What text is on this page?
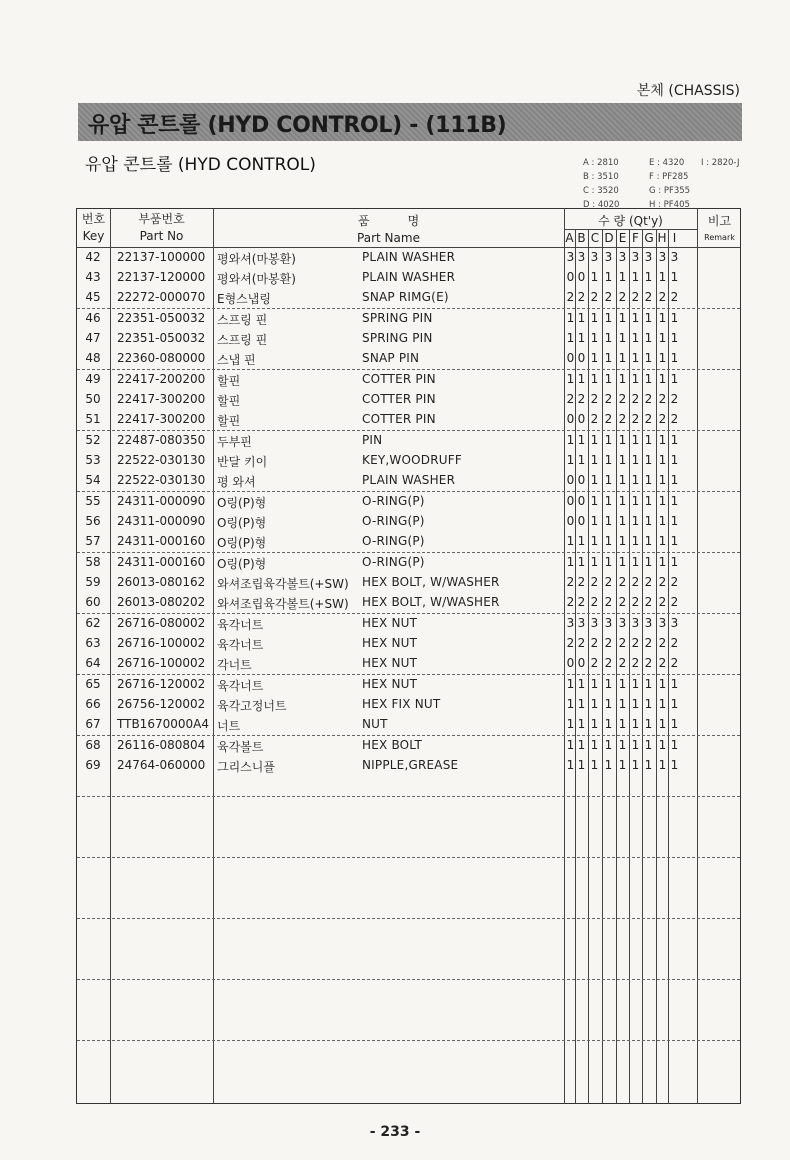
본체 (CHASSIS)
유압 콘트롤 (HYD CONTROL) - (111B)
유압 콘트롤 (HYD CONTROL)	A : 2810	E : 4320 I : 2820-J
B : 3510	F : PF285
C : 3520	G : PF355
D : 4020	H : PF405
번호
Key
부품번호
Part No
품          명
Part Name
수 량 (Qt'y)	비고
Remark
A B C D E F G H I
42	22137-100000 평와셔(마봉환)	PLAIN WASHER	3 3 3 3 3 3 3 3 3
43	22137-120000 평와셔(마봉환)	PLAIN WASHER	0 0 1 1 1 1 1 1 1
45	22272-000070 E형스냅링	SNAP RIMG(E)	2 2 2 2 2 2 2 2 2
46	22351-050032 스프링 핀	SPRING PIN	1 1 1 1 1 1 1 1 1
47	22351-050032 스프링 핀	SPRING PIN	1 1 1 1 1 1 1 1 1
48	22360-080000 스냅 핀	SNAP PIN	0 0 1 1 1 1 1 1 1
49	22417-200200 할핀	COTTER PIN	1 1 1 1 1 1 1 1 1
50	22417-300200 할핀	COTTER PIN	2 2 2 2 2 2 2 2 2
51	22417-300200 할핀	COTTER PIN	0 0 2 2 2 2 2 2 2
52	22487-080350 두부핀	PIN	1 1 1 1 1 1 1 1 1
53	22522-030130 반달 키이	KEY,WOODRUFF	1 1 1 1 1 1 1 1 1
54	22522-030130 평 와셔	PLAIN WASHER	0 0 1 1 1 1 1 1 1
55	24311-000090 O링(P)형	O-RING(P)	0 0 1 1 1 1 1 1 1
56	24311-000090 O링(P)형	O-RING(P)	0 0 1 1 1 1 1 1 1
57	24311-000160 O링(P)형	O-RING(P)	1 1 1 1 1 1 1 1 1
58	24311-000160 O링(P)형	O-RING(P)	1 1 1 1 1 1 1 1 1
59	26013-080162 와셔조립육각볼트(+SW) HEX BOLT, W/WASHER	2 2 2 2 2 2 2 2 2
60	26013-080202 와셔조립육각볼트(+SW) HEX BOLT, W/WASHER	2 2 2 2 2 2 2 2 2
62	26716-080002 육각너트	HEX NUT	3 3 3 3 3 3 3 3 3
63	26716-100002 육각너트	HEX NUT	2 2 2 2 2 2 2 2 2
64	26716-100002 각너트	HEX NUT	0 0 2 2 2 2 2 2 2
65	26716-120002 육각너트	HEX NUT	1 1 1 1 1 1 1 1 1
66	26756-120002 육각고정너트	HEX FIX NUT	1 1 1 1 1 1 1 1 1
67	TTB1670000A4 너트	NUT	1 1 1 1 1 1 1 1 1
68	26116-080804 육각볼트	HEX BOLT	1 1 1 1 1 1 1 1 1
69	24764-060000 그리스니플	NIPPLE,GREASE	1 1 1 1 1 1 1 1 1
- 233 -
